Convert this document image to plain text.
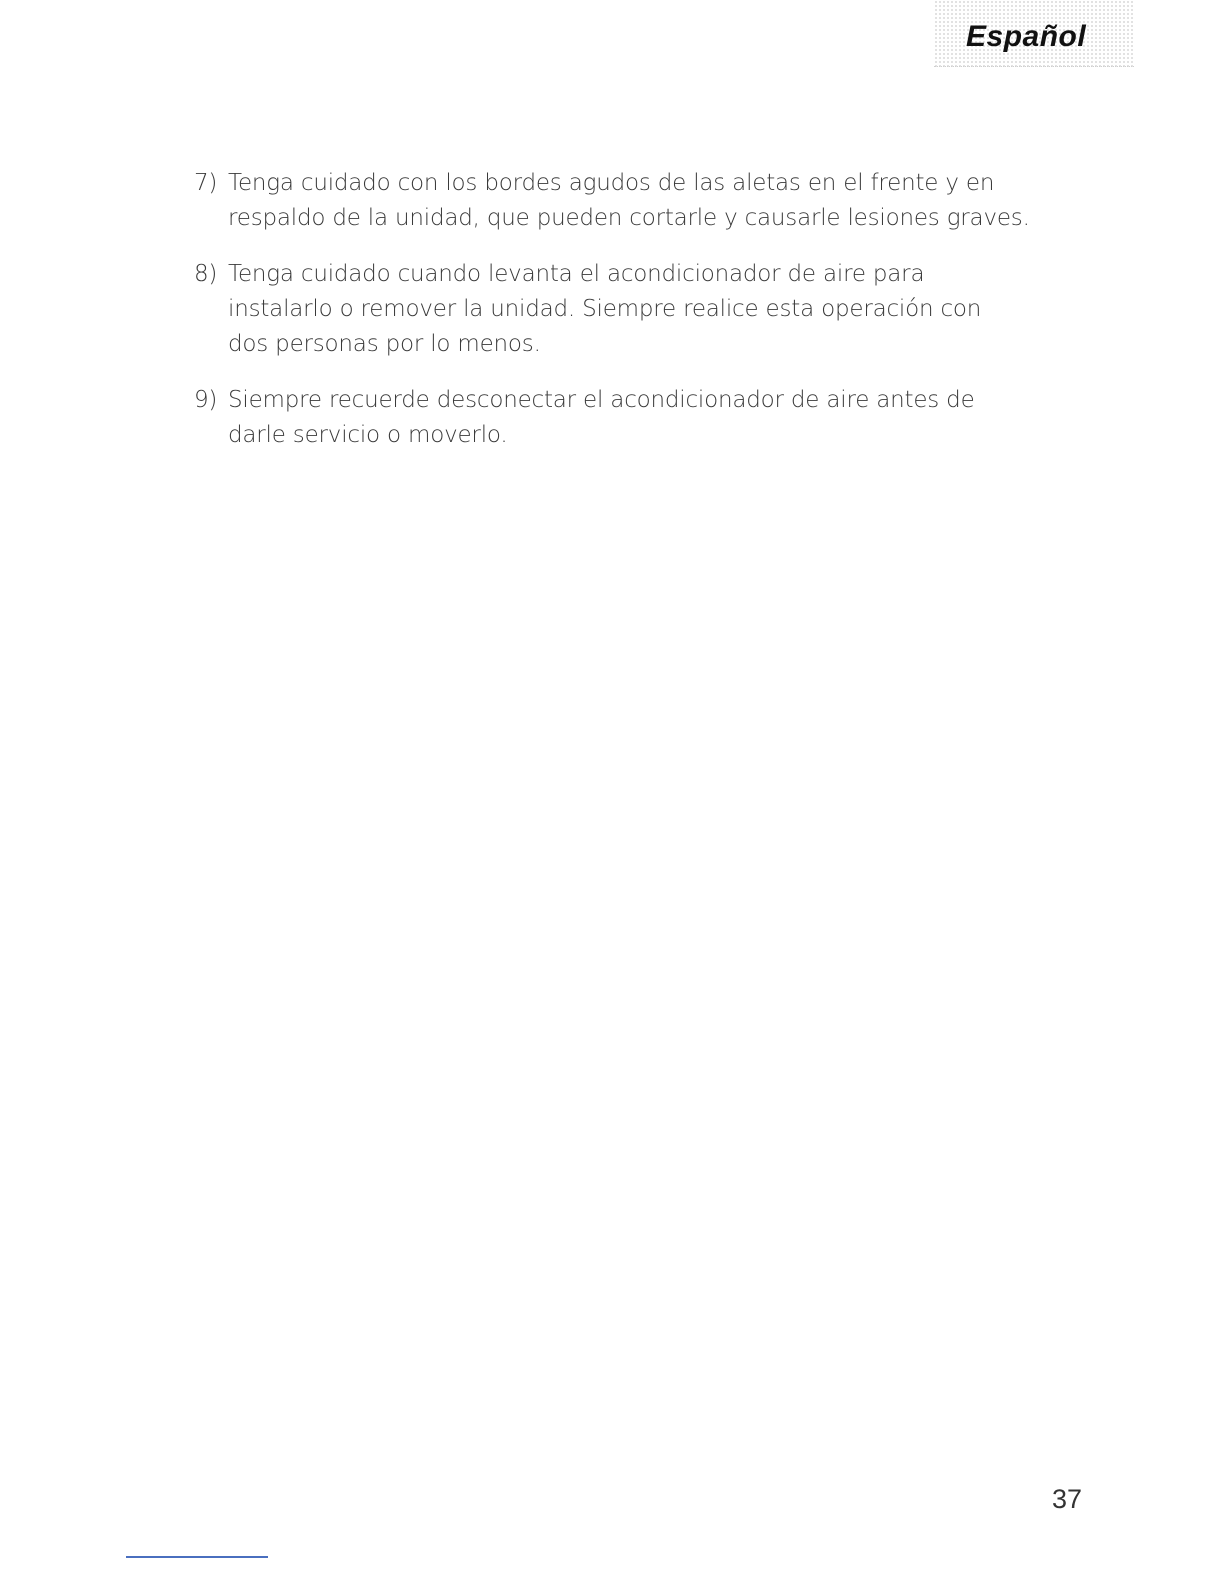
Español
7) Tenga cuidado con los bordes agudos de las aletas en el frente y en
respaldo de la unidad, que pueden cortarle y causarle lesiones graves.
8) Tenga cuidado cuando levanta el acondicionador de aire para
instalarlo o remover la unidad. Siempre realice esta operación con
dos personas por lo menos.
9) Siempre recuerde desconectar el acondicionador de aire antes de
darle servicio o moverlo.
37
